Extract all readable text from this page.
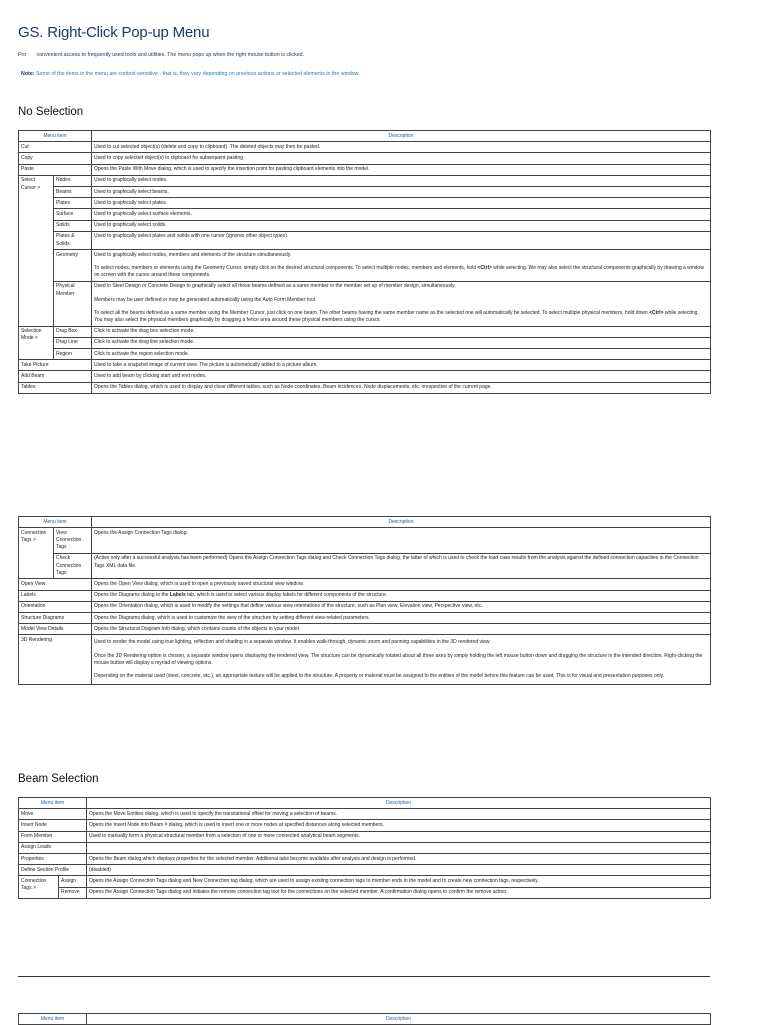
GS. Right-Click Pop-up Menu
Pro       convenient access to frequently used tools and utilities. The menu pops up when the right mouse button is clicked.
Note: Some of the items in the menu are context-sensitive - that is, they vary depending on previous actions or selected elements in the window.
No Selection
Menu item		Description
Cut		Used to cut selected object(s) (delete and copy to clipboard). The deleted objects may then be pasted.
Copy		Used to copy selected object(s) to clipboard for subsequent pasting.
Paste		Opens the Paste With Move dialog, which is used to specify the insertion point for pasting clipboard elements into the model.
Select Cursor >	Nodes	Used to graphically select nodes.
	Beams	Used to graphically select beams.
	Plates	Used to graphically select plates.
	Surface	Used to graphically select surface elements.
	Solids	Used to graphically select solids.
	Plates & Solids	Used to graphically select plates and solids with one cursor (ignores other object types).
	Geometry	Used to graphically select nodes, members and elements of the structure simultaneously.

To select nodes, members or elements using the Geometry Cursor, simply click on the desired structural components. To select multiple nodes, members and elements, hold <Ctrl> while selecting. We may also select the structural components graphically by drawing a window on screen with the cursor around these components.

	Physical Member	Used in Steel Design or Concrete Design to graphically select all those beams defined as a same member in the member set up of member design, simultaneously.

Members may be user defined or may be generated automatically using the Auto Form Member tool.

To select all the beams defined as a same member using the Member Cursor, just click on one beam. The other beams having the same member name as the selected one will automatically be selected. To select multiple physical members, hold down <Ctrl> while selecting. You may also select the physical members graphically by dragging a fence area around these physical members using the cursor.

Selection Mode >	Drag Box	Click to activate the drag box selection mode.
	Drag Line	Click to activate the drag line selection mode.
	Region	Click to activate the region selection mode.
Take Picture		Used to take a snapshot image of current view. The picture is automatically added to a picture album.
Add Beam		Used to add beam by clicking start and end nodes.
Tables		Opens the Tables dialog, which is used to display and close different tables, such as Node coordinates, Beam incidences, Node displacements, etc. irrespective of the current page.
Menu item		Description
Connection Tags >	View Connection Tags	Opens the Assign Connection Tags dialog.
	Check Connection Tags	(Active only after a successful analysis has been performed) Opens the Assign Connection Tags dialog and Check Connection Tags dialog, the latter of which is used to check the load case results from the analysis against the defined connection capacities in the Connection Tags XML data file.
Open View		Opens the Open View dialog, which is used to open a previously saved structural view window.
Labels		Opens the Diagrams dialog to the Labels tab, which is used to select various display labels for different components of the structure.
Orientation		Opens the Orientation dialog, which is used to modify the settings that define various view orientations of the structure, such as Plan view, Elevation view, Perspective view, etc.
Structure Diagrams		Opens the Diagrams dialog, which is used to customize the view of the structure by setting different view-related parameters.
Model View Details		Opens the Structural Diagram Info dialog, which contains counts of the objects in your model.
3D Rendering		Used to render the model using true lighting, reflection and shading in a separate window. It enables walk-through, dynamic zoom and panning capabilities in the 3D rendered view.

Once the 3D Rendering option is chosen, a separate window opens displaying the rendered view. The structure can be dynamically rotated about all three axes by simply holding the left mouse button down and dragging the structure in the intended direction. Right-clicking the mouse button will display a myriad of viewing options.

Depending on the material used (steel, concrete, etc.), an appropriate texture will be applied to the structure. A property or material must be assigned to the entities of the model before this feature can be used. This is for visual and presentation purposes only.

Beam Selection
Menu item		Description
Move		Opens the Move Entities dialog, which is used to specify the translational offset for moving a selection of beams.
Insert Node		Opens the Insert Node into Beam # dialog, which is used to insert one or more nodes at specified distances along selected members.
Form Member		Used to manually form a physical structural member from a selection of one or more connected analytical beam segments.
Assign Loads		
Properties		Opens the Beam dialog which displays properties for the selected member. Additional tabs become available after analysis and design is performed.
Define Section Profile		(disabled)
Connection Tags >	Assign	Opens the Assign Connection Tags dialog and New Connection tag dialog, which are used to assign existing connection tags to member ends in the model and to create new connection tags, respectively.
	Remove	Opens the Assign Connection Tags dialog and initiates the remove connection tag tool for the connections on the selected member. A confirmation dialog opens to confirm the remove action.
Menu item	Description
